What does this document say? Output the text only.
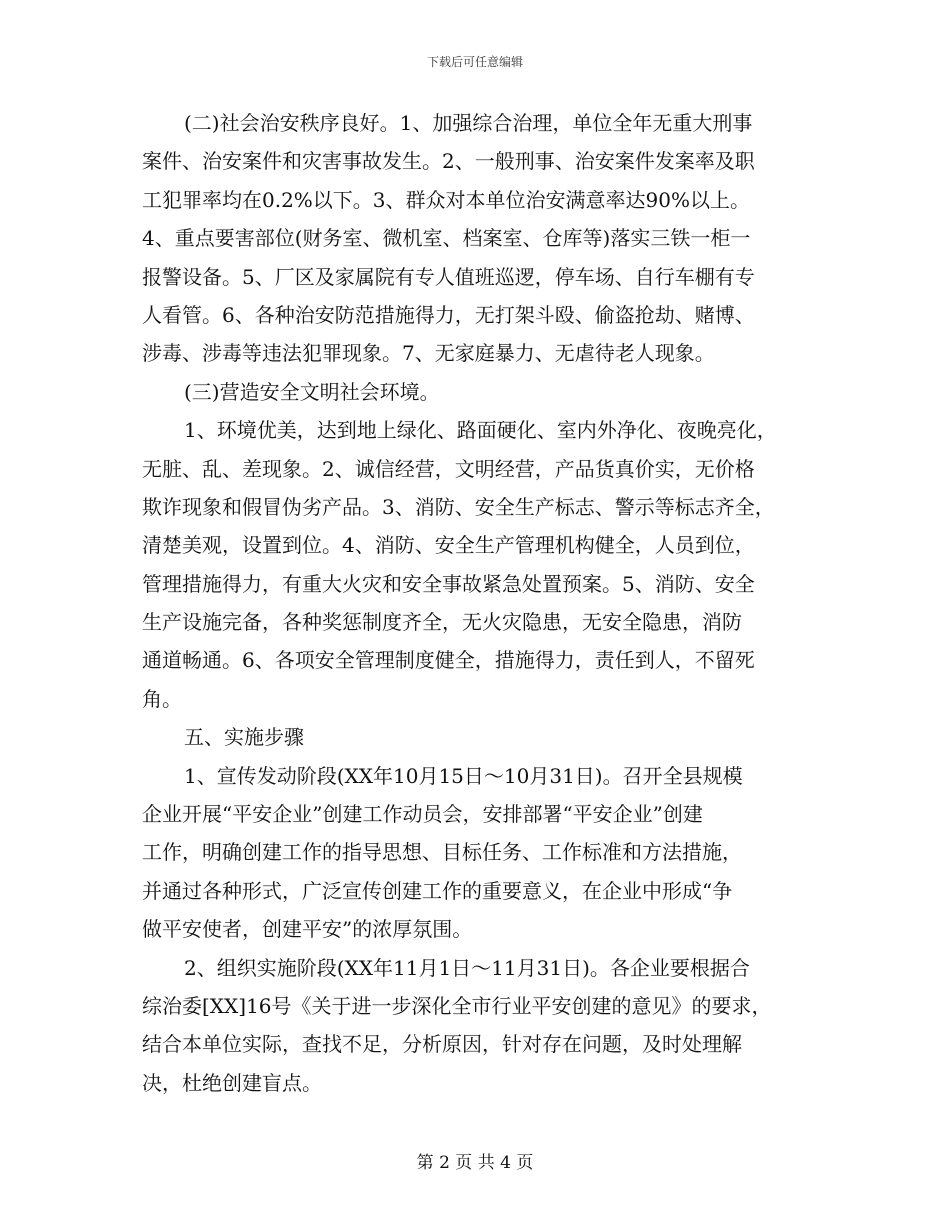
下载后可任意编辑
(二)社会治安秩序良好。1、加强综合治理，单位全年无重大刑事
案件、治安案件和灾害事故发生。2、一般刑事、治安案件发案率及职
工犯罪率均在0.2%以下。3、群众对本单位治安满意率达90%以上。
4、重点要害部位(财务室、微机室、档案室、仓库等)落实三铁一柜一
报警设备。5、厂区及家属院有专人值班巡逻，停车场、自行车棚有专
人看管。6、各种治安防范措施得力，无打架斗殴、偷盗抢劫、赌博、
涉毒、涉毒等违法犯罪现象。7、无家庭暴力、无虐待老人现象。
(三)营造安全文明社会环境。
1、环境优美，达到地上绿化、路面硬化、室内外净化、夜晚亮化，
无脏、乱、差现象。2、诚信经营，文明经营，产品货真价实，无价格
欺诈现象和假冒伪劣产品。3、消防、安全生产标志、警示等标志齐全，
清楚美观，设置到位。4、消防、安全生产管理机构健全，人员到位，
管理措施得力，有重大火灾和安全事故紧急处置预案。5、消防、安全
生产设施完备，各种奖惩制度齐全，无火灾隐患，无安全隐患，消防
通道畅通。6、各项安全管理制度健全，措施得力，责任到人，不留死
角。
五、实施步骤
1、宣传发动阶段(XX年10月15日～10月31日)。召开全县规模
企业开展“平安企业”创建工作动员会，安排部署“平安企业”创建
工作，明确创建工作的指导思想、目标任务、工作标准和方法措施，
并通过各种形式，广泛宣传创建工作的重要意义，在企业中形成“争
做平安使者，创建平安”的浓厚氛围。
2、组织实施阶段(XX年11月1日～11月31日)。各企业要根据合
综治委[XX]16号《关于进一步深化全市行业平安创建的意见》的要求，
结合本单位实际，查找不足，分析原因，针对存在问题，及时处理解
决，杜绝创建盲点。
第 2 页 共 4 页
